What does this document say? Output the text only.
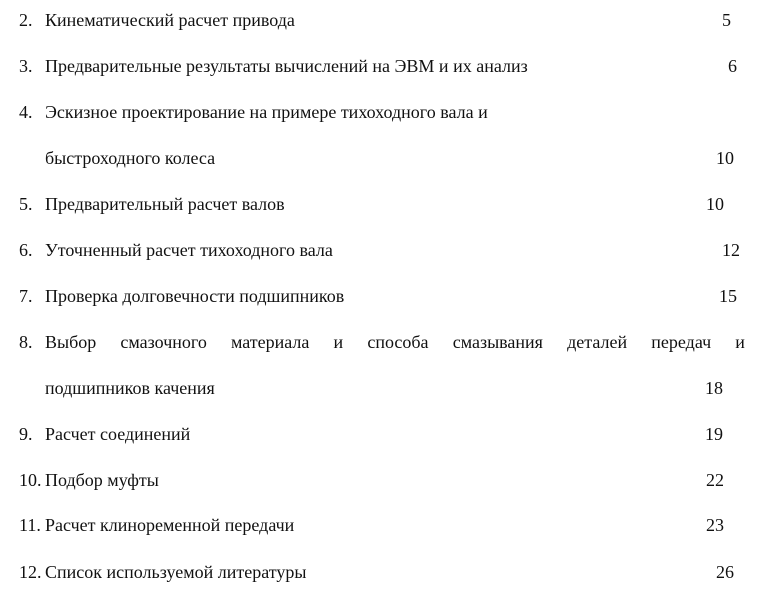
2. Кинематический расчет привода	5
3. Предварительные результаты вычислений на ЭВМ и их анализ	6
4. Эскизное проектирование на примере тихоходного вала и
быстроходного колеса	10
5. Предварительный расчет валов	10
6. Уточненный расчет тихоходного вала	12
7. Проверка долговечности подшипников	15
8. Выбор смазочного материала и способа смазывания деталей передач и
подшипников качения	18
9. Расчет соединений	19
10. Подбор муфты	22
11. Расчет клиноременной передачи	23
12. Список используемой литературы	26
